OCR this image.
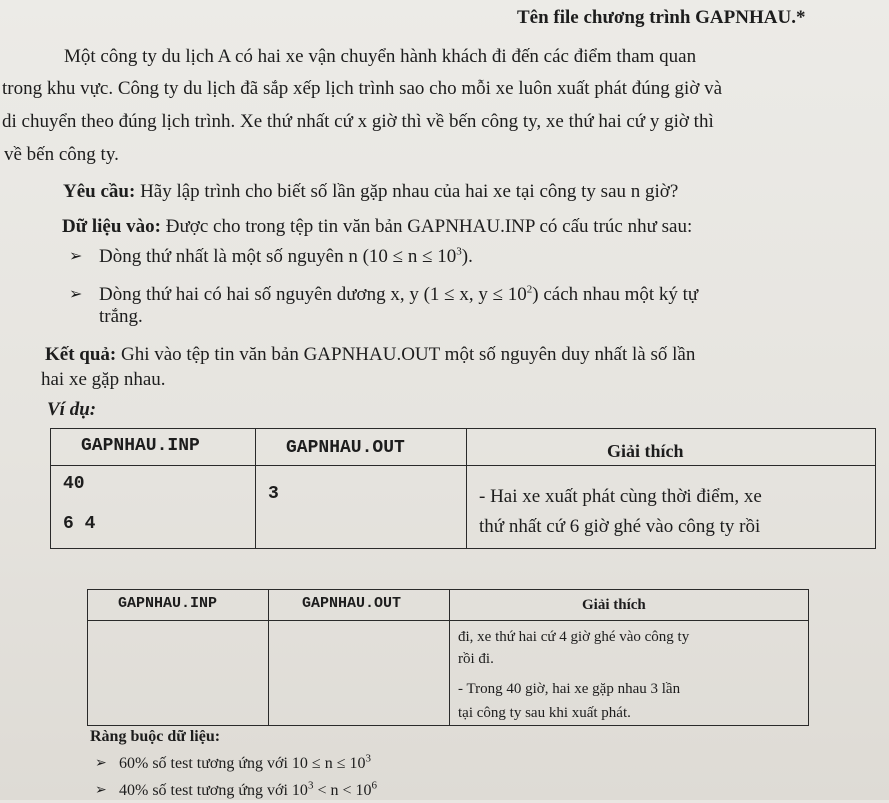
Tên file chương trình GAPNHAU.*
Một công ty du lịch A có hai xe vận chuyển hành khách đi đến các điểm tham quan
trong khu vực. Công ty du lịch đã sắp xếp lịch trình sao cho mỗi xe luôn xuất phát đúng giờ và
di chuyển theo đúng lịch trình. Xe thứ nhất cứ x giờ thì về bến công ty, xe thứ hai cứ y giờ thì
về bến công ty.
Yêu cầu: Hãy lập trình cho biết số lần gặp nhau của hai xe tại công ty sau n giờ?
Dữ liệu vào: Được cho trong tệp tin văn bản GAPNHAU.INP có cấu trúc như sau:
➢ Dòng thứ nhất là một số nguyên n $(10 \le n \le 10^3)$.
➢ Dòng thứ hai có hai số nguyên dương x, y (1 ≤ x, $y \le 10^2$) cách nhau một ký tự
trắng.
Kết quả: Ghi vào tệp tin văn bản GAPNHAU.OUT một số nguyên duy nhất là số lần
hai xe gặp nhau.
Ví dụ:
GAPNHAU.INP	GAPNHAU.OUT	Giải thích

40
6 4	3	- Hai xe xuất phát cùng thời điểm, xe
thứ nhất cứ 6 giờ ghé vào công ty rồi
GAPNHAU.INP	GAPNHAU.OUT	Giải thích

		đi, xe thứ hai cứ 4 giờ ghé vào công ty
rồi đi.
- Trong 40 giờ, hai xe gặp nhau 3 lần
tại công ty sau khi xuất phát.
Ràng buộc dữ liệu:
➢ 60% số test tương ứng với $10 \le n \le 10^3$
➢ 40% số test tương ứng với $10^3 < n < 10^6$
